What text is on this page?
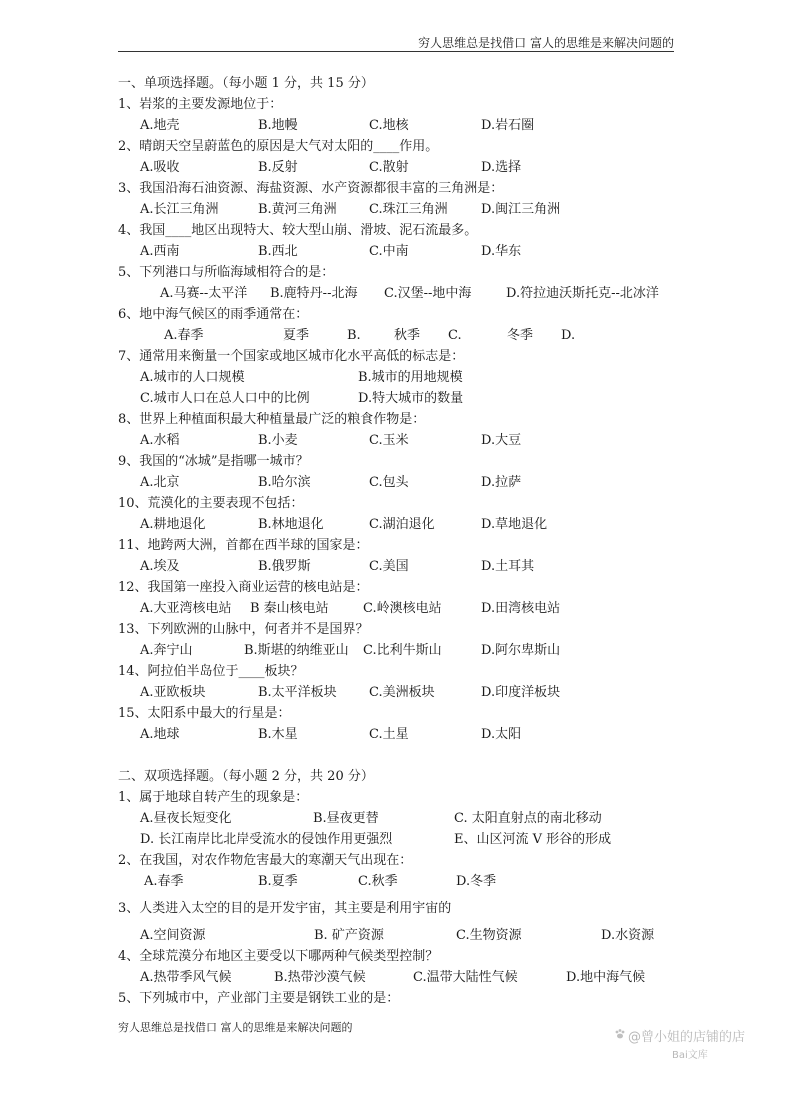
穷人思维总是找借口 富人的思维是来解决问题的
一、单项选择题。（每小题 1 分，共 15 分）
1、岩浆的主要发源地位于：
A.地壳	B.地幔	C.地核	D.岩石圈
2、晴朗天空呈蔚蓝色的原因是大气对太阳的____作用。
A.吸收	B.反射	C.散射	D.选择
3、我国沿海石油资源、海盐资源、水产资源都很丰富的三角洲是：
A.长江三角洲	B.黄河三角洲 C.珠江三角洲	D.闽江三角洲
4、我国____地区出现特大、较大型山崩、滑坡、泥石流最多。
A.西南	B.西北	C.中南	D.华东
5、下列港口与所临海域相符合的是：
A.马赛--太平洋 B.鹿特丹--北海 C.汉堡--地中海	D.符拉迪沃斯托克--北冰洋
6、地中海气候区的雨季通常在：
A.春季	夏季	B.	秋季 C.	冬季 D.
7、通常用来衡量一个国家或地区城市化水平高低的标志是：
A.城市的人口规模	B.城市的用地规模
C.城市人口在总人口中的比例	D.特大城市的数量
8、世界上种植面积最大种植量最广泛的粮食作物是：
A.水稻	B.小麦	C.玉米	D.大豆
9、我国的“冰城”是指哪一城市？
A.北京	B.哈尔滨	C.包头	D.拉萨
10、荒漠化的主要表现不包括：
A.耕地退化	B.林地退化	C.湖泊退化	D.草地退化
11、地跨两大洲，首都在西半球的国家是：
A.埃及	B.俄罗斯	C.美国	D.土耳其
12、我国第一座投入商业运营的核电站是：
A.大亚湾核电站 B 秦山核电站	C.岭澳核电站	D.田湾核电站
13、下列欧洲的山脉中，何者并不是国界？
A.奔宁山	B.斯堪的纳维亚山 C.比利牛斯山	D.阿尔卑斯山
14、阿拉伯半岛位于____板块？
A.亚欧板块	B.太平洋板块 C.美洲板块	D.印度洋板块
15、太阳系中最大的行星是：
A.地球	B.木星	C.土星	D.太阳
二、双项选择题。（每小题 2 分，共 20 分）
1、属于地球自转产生的现象是：
A.昼夜长短变化	B.昼夜更替	C. 太阳直射点的南北移动
D. 长江南岸比北岸受流水的侵蚀作用更强烈	E、山区河流 V 形谷的形成
2、在我国，对农作物危害最大的寒潮天气出现在：
A.春季	B.夏季	C.秋季	D.冬季
3、人类进入太空的目的是开发宇宙，其主要是利用宇宙的
A.空间资源	B. 矿产资源	C.生物资源	D.水资源
4、全球荒漠分布地区主要受以下哪两种气候类型控制？
A.热带季风气候	B.热带沙漠气候	C.温带大陆性气候	D.地中海气候
5、下列城市中，产业部门主要是钢铁工业的是：
穷人思维总是找借口 富人的思维是来解决问题的
@曾小姐的店铺的店
Bai文库
